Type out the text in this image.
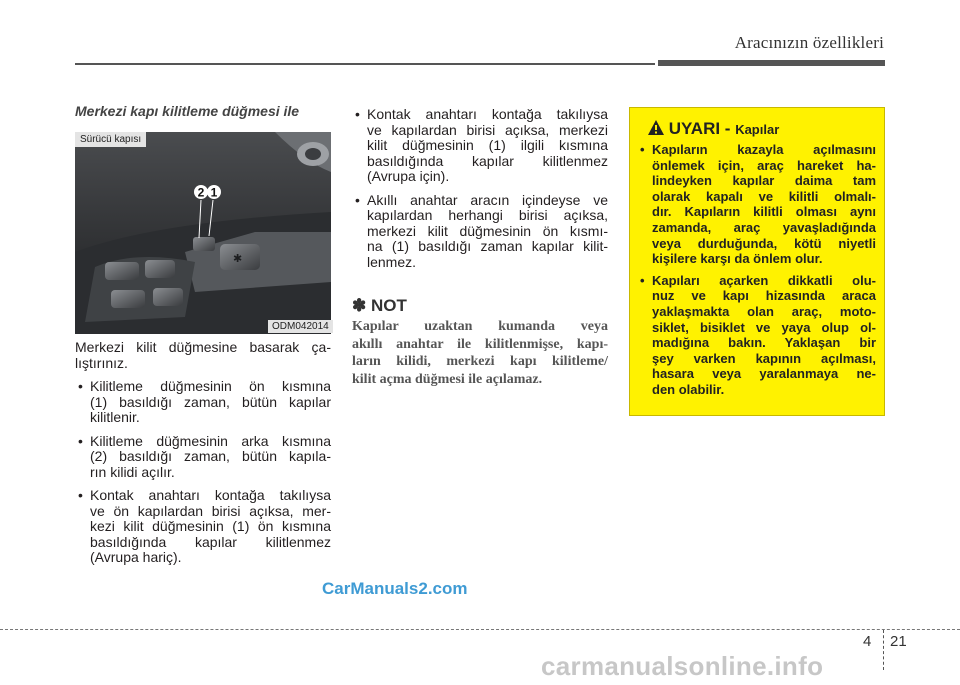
Aracınızın özellikleri
Merkezi kapı kilitleme düğmesi ile
✱
2 1
Sürücü kapısı
ODM042014
Merkezi kilit düğmesine basarak ça-
lıştırınız.
• Kilitleme düğmesinin ön kısmına
(1) basıldığı zaman, bütün kapılar
kilitlenir.
• Kilitleme düğmesinin arka kısmına
(2) basıldığı zaman, bütün kapıla-
rın kilidi açılır.
• Kontak anahtarı kontağa takılıysa
ve ön kapılardan birisi açıksa, mer-
kezi kilit düğmesinin (1) ön kısmına
basıldığında kapılar kilitlenmez
(Avrupa hariç).
• Kontak anahtarı kontağa takılıysa
ve kapılardan birisi açıksa, merkezi
kilit düğmesinin (1) ilgili kısmına
basıldığında kapılar kilitlenmez
(Avrupa için).
• Akıllı anahtar aracın içindeyse ve
kapılardan herhangi birisi açıksa,
merkezi kilit düğmesinin ön kısmı-
na (1) basıldığı zaman kapılar kilit-
lenmez.
✽ NOT
Kapılar uzaktan kumanda veya
akıllı anahtar ile kilitlenmişse, kapı-
ların kilidi, merkezi kapı kilitleme/
kilit açma düğmesi ile açılamaz.
UYARI - Kapılar
• Kapıların kazayla açılmasını
önlemek için, araç hareket ha-
lindeyken kapılar daima tam
olarak kapalı ve kilitli olmalı-
dır. Kapıların kilitli olması aynı
zamanda, araç yavaşladığında
veya durduğunda, kötü niyetli
kişilere karşı da önlem olur.
• Kapıları açarken dikkatli olu-
nuz ve kapı hizasında araca
yaklaşmakta olan araç, moto-
siklet, bisiklet ve yaya olup ol-
madığına bakın. Yaklaşan bir
şey varken kapının açılması,
hasara veya yaralanmaya ne-
den olabilir.
CarManuals2.com
4 21
carmanualsonline.info
